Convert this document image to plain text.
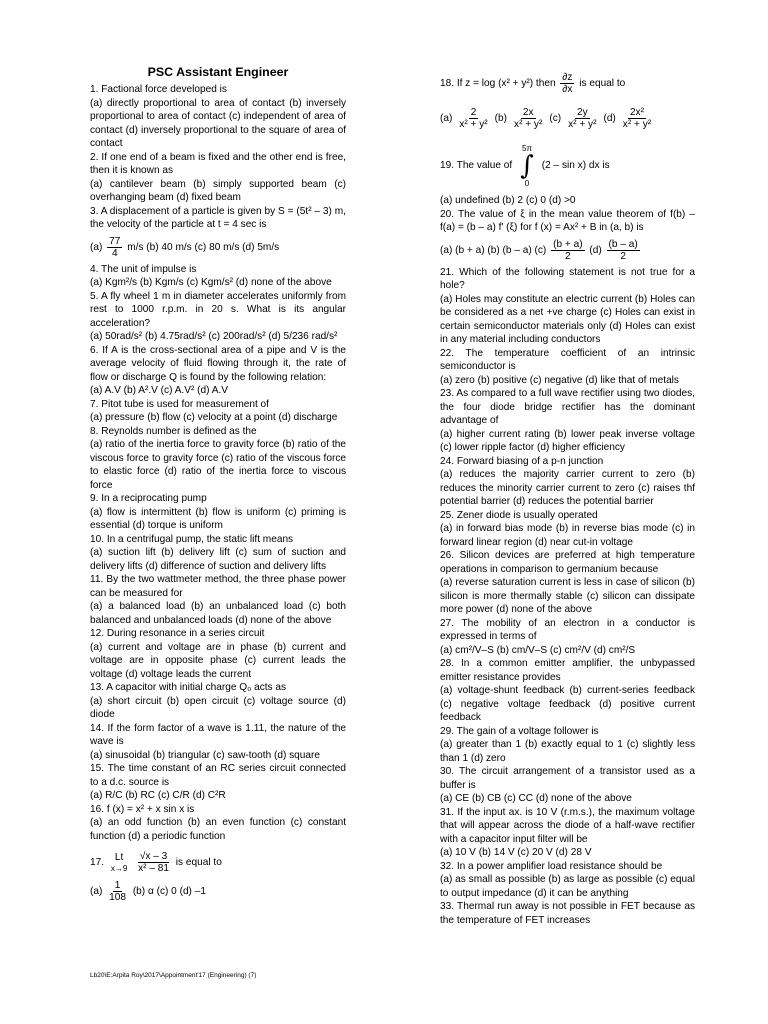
PSC Assistant Engineer

1. Factional force developed is

(a) directly proportional to area of contact (b) inversely proportional to area of contact (c) independent of area of contact (d) inversely proportional to the square of area of contact

2. If one end of a beam is fixed and the other end is free, then it is known as

(a) cantilever beam (b) simply supported beam (c) overhanging beam (d) fixed beam

3. A displacement of a particle is given by S = (5t² – 3) m, the velocity of the particle at t = 4 sec is

$(a) \frac{77}{4} m/s$ (b) 40 m/s (c) 80 m/s (d) 5m/s

4. The unit of impulse is

(a) Kgm²/s (b) Kgm/s (c) Kgm/s² (d) none of the above

5. A fly wheel 1 m in diameter accelerates uniformly from rest to 1000 r.p.m. in 20 s. What is its angular acceleration?

(a) 50rad/s² (b) 4.75rad/s² (c) 200rad/s² (d) 5/236 rad/s²

6. If A is the cross-sectional area of a pipe and V is the average velocity of fluid flowing through it, the rate of flow or discharge Q is found by the following relation:

(a) A.V (b) A².V (c) A.V² (d) A.V

7. Pitot tube is used for measurement of

(a) pressure (b) flow (c) velocity at a point (d) discharge

8. Reynolds number is defined as the

(a) ratio of the inertia force to gravity force (b) ratio of the viscous force to gravity force (c) ratio of the viscous force to elastic force (d) ratio of the inertia force to viscous force

9. In a reciprocating pump

(a) flow is intermittent (b) flow is uniform (c) priming is essential (d) torque is uniform

10. In a centrifugal pump, the static lift means

(a) suction lift (b) delivery lift (c) sum of suction and delivery lifts (d) difference of suction and delivery lifts

11. By the two wattmeter method, the three phase power can be measured for

(a) a balanced load (b) an unbalanced load (c) both balanced and unbalanced loads (d) none of the above

12. During resonance in a series circuit

(a) current and voltage are in phase (b) current and voltage are in opposite phase (c) current leads the voltage (d) voltage leads the current

13. A capacitor with initial charge Q₀ acts as

(a) short circuit (b) open circuit (c) voltage source (d) diode

14. If the form factor of a wave is 1.11, the nature of the wave is

(a) sinusoidal (b) triangular (c) saw-tooth (d) square

15. The time constant of an RC series circuit connected to a d.c. source is

(a) R/C (b) RC (c) C/R (d) C²R

16. f (x) = x² + x sin x is

(a) an odd function (b) an even function (c) constant function (d) a periodic function

17.
Lt
x→9
$\frac{√x - 3}{\text{x² – 81}}$ is equal to

$(a) \frac{1}{108} (b)$ α (c) 0 (d) –1

18. If z = log (x² + y²) then $\frac{\partial z}{\partial x}$ is equal to

$(a) \frac{2}{\text{x² + y²}} (b) \frac{2x}{\text{x² + y²}} (c) \frac{2y}{\text{x² + y²}} (d) \frac{\text{2x²}}{\text{x² + y²}}$
19. The value of
5π
∫
0
(2 – sin x) dx is

(a) undefined (b) 2 (c) 0 (d) >0

20. The value of ξ in the mean value theorem of f(b) – f(a) = (b – a) f' (ξ) for f (x) = Ax² + B in (a, b) is

(a) (b + a) (b) (b – a) $(c) \frac{(b + a)}{2} (d) \frac{(b - a)}{2}$

21. Which of the following statement is not true for a hole?

(a) Holes may constitute an electric current (b) Holes can be considered as a net +ve charge (c) Holes can exist in certain semiconductor materials only (d) Holes can exist in any material including conductors

22. The temperature coefficient of an intrinsic semiconductor is

(a) zero (b) positive (c) negative (d) like that of metals

23. As compared to a full wave rectifier using two diodes, the four diode bridge rectifier has the dominant advantage of

(a) higher current rating (b) lower peak inverse voltage (c) lower ripple factor (d) higher efficiency

24. Forward biasing of a p-n junction

(a) reduces the majority carrier current to zero (b) reduces the minority carrier current to zero (c) raises thf potential barrier (d) reduces the potential barrier

25. Zener diode is usually operated

(a) in forward bias mode (b) in reverse bias mode (c) in forward linear region (d) near cut-in voltage

26. Silicon devices are preferred at high temperature operations in comparison to germanium because

(a) reverse saturation current is less in case of silicon (b) silicon is more thermally stable (c) silicon can dissipate more power (d) none of the above

27. The mobility of an electron in a conductor is expressed in terms of

(a) cm²/V–S (b) cm/V–S (c) cm²/V (d) cm²/S

28. In a common emitter amplifier, the unbypassed emitter resistance provides

(a) voltage-shunt feedback (b) current-series feedback (c) negative voltage feedback (d) positive current feedback

29. The gain of a voltage follower is

(a) greater than 1 (b) exactly equal to 1 (c) slightly less than 1 (d) zero

30. The circuit arrangement of a transistor used as a buffer is

(a) CE (b) CB (c) CC (d) none of the above

31. If the input ax. is 10 V (r.m.s.), the maximum voltage that will appear across the diode of a half-wave rectifier with a capacitor input filter will be

(a) 10 V (b) 14 V (c) 20 V (d) 28 V

32. In a power amplifier load resistance should be

(a) as small as possible (b) as large as possible (c) equal to output impedance (d) it can be anything

33. Thermal run away is not possible in FET because as the temperature of FET increases

Lb20\E:Arpita Roy\2017\Appointment'17 (Engineering) (7)
